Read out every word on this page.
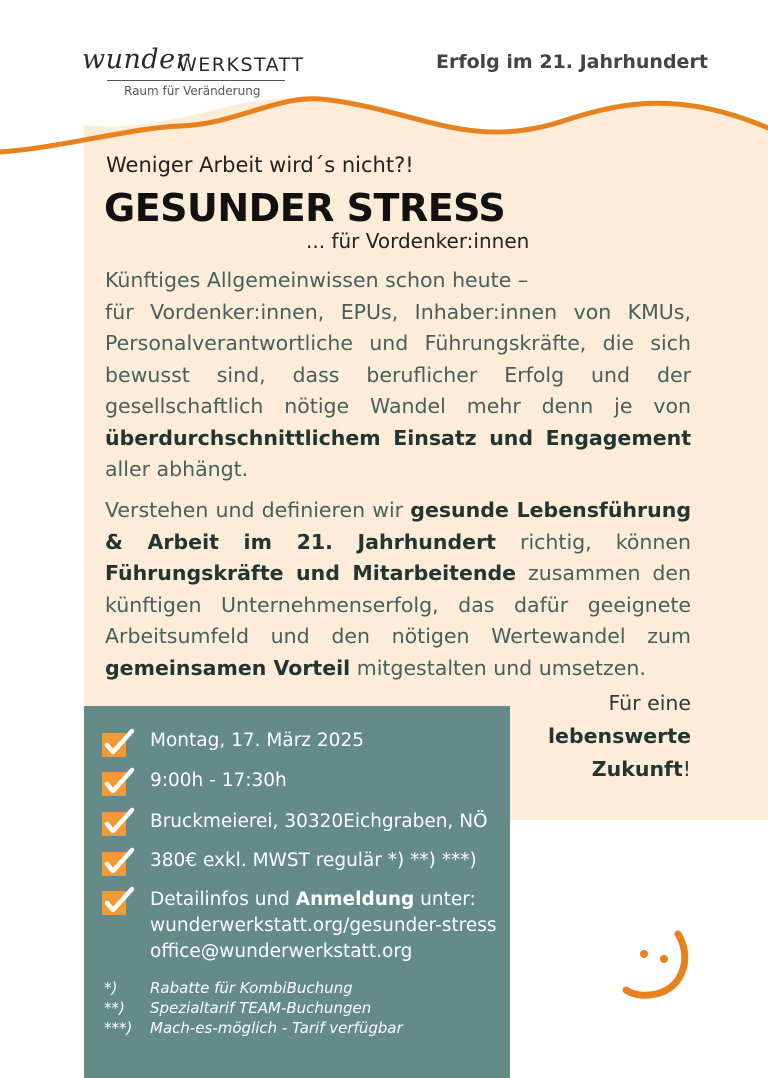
wunder
WERKSTATT
Raum für Veränderung
Erfolg im 21. Jahrhundert
Weniger Arbeit wird´s nicht?!
GESUNDER STRESS
... für Vordenker:innen
Künftiges Allgemeinwissen schon heute –
für Vordenker:innen, EPUs, Inhaber:innen von KMUs, Personalverantwortliche und Führungskräfte, die sich bewusst sind, dass beruflicher Erfolg und der gesellschaftlich nötige Wandel mehr denn je von überdurchschnittlichem Einsatz und Engagement aller abhängt.
Verstehen und definieren wir gesunde Lebensführung & Arbeit im 21. Jahrhundert richtig, können Führungskräfte und Mitarbeitende zusammen den künftigen Unternehmenserfolg, das dafür geeignete Arbeitsumfeld und den nötigen Wertewandel zum gemeinsamen Vorteil mitgestalten und umsetzen.
Für eine
lebenswerte
Zukunft!
Montag, 17. März 2025
9:00h - 17:30h
Bruckmeierei, 30320Eichgraben, NÖ
380€ exkl. MWST regulär *) **) ***)
Detailinfos und Anmeldung unter:
wunderwerkstatt.org/gesunder-stress
office@wunderwerkstatt.org
*)	Rabatte für KombiBuchung
**)	Spezialtarif TEAM-Buchungen
***)	Mach-es-möglich - Tarif verfügbar
